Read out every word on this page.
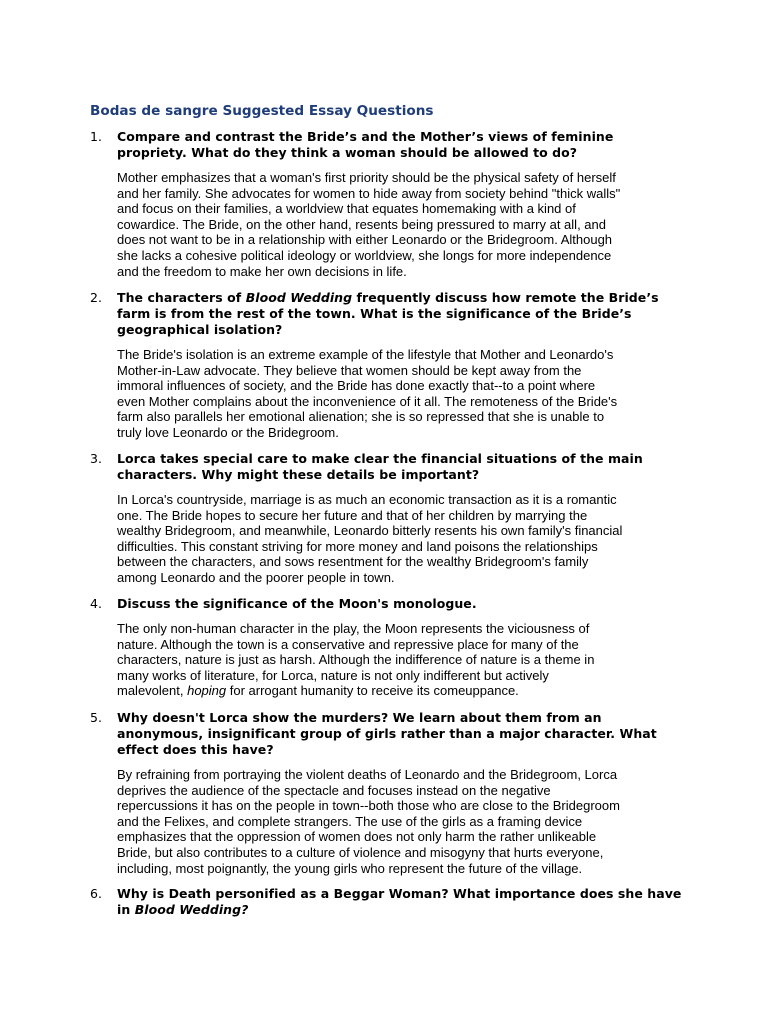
Bodas de sangre Suggested Essay Questions
1. Compare and contrast the Bride’s and the Mother’s views of feminine
propriety. What do they think a woman should be allowed to do?

Mother emphasizes that a woman's first priority should be the physical safety of herself
and her family. She advocates for women to hide away from society behind "thick walls"
and focus on their families, a worldview that equates homemaking with a kind of
cowardice. The Bride, on the other hand, resents being pressured to marry at all, and
does not want to be in a relationship with either Leonardo or the Bridegroom. Although
she lacks a cohesive political ideology or worldview, she longs for more independence
and the freedom to make her own decisions in life.

2. The characters of Blood Wedding frequently discuss how remote the Bride’s
farm is from the rest of the town. What is the significance of the Bride’s
geographical isolation?

The Bride's isolation is an extreme example of the lifestyle that Mother and Leonardo's
Mother-in-Law advocate. They believe that women should be kept away from the
immoral influences of society, and the Bride has done exactly that--to a point where
even Mother complains about the inconvenience of it all. The remoteness of the Bride's
farm also parallels her emotional alienation; she is so repressed that she is unable to
truly love Leonardo or the Bridegroom.

3. Lorca takes special care to make clear the financial situations of the main
characters. Why might these details be important?

In Lorca's countryside, marriage is as much an economic transaction as it is a romantic
one. The Bride hopes to secure her future and that of her children by marrying the
wealthy Bridegroom, and meanwhile, Leonardo bitterly resents his own family's financial
difficulties. This constant striving for more money and land poisons the relationships
between the characters, and sows resentment for the wealthy Bridegroom's family
among Leonardo and the poorer people in town.

4. Discuss the significance of the Moon's monologue.

The only non-human character in the play, the Moon represents the viciousness of
nature. Although the town is a conservative and repressive place for many of the
characters, nature is just as harsh. Although the indifference of nature is a theme in
many works of literature, for Lorca, nature is not only indifferent but actively
malevolent, hoping for arrogant humanity to receive its comeuppance.

5. Why doesn't Lorca show the murders? We learn about them from an
anonymous, insignificant group of girls rather than a major character. What
effect does this have?

By refraining from portraying the violent deaths of Leonardo and the Bridegroom, Lorca
deprives the audience of the spectacle and focuses instead on the negative
repercussions it has on the people in town--both those who are close to the Bridegroom
and the Felixes, and complete strangers. The use of the girls as a framing device
emphasizes that the oppression of women does not only harm the rather unlikeable
Bride, but also contributes to a culture of violence and misogyny that hurts everyone,
including, most poignantly, the young girls who represent the future of the village.

6. Why is Death personified as a Beggar Woman? What importance does she have
in Blood Wedding?
